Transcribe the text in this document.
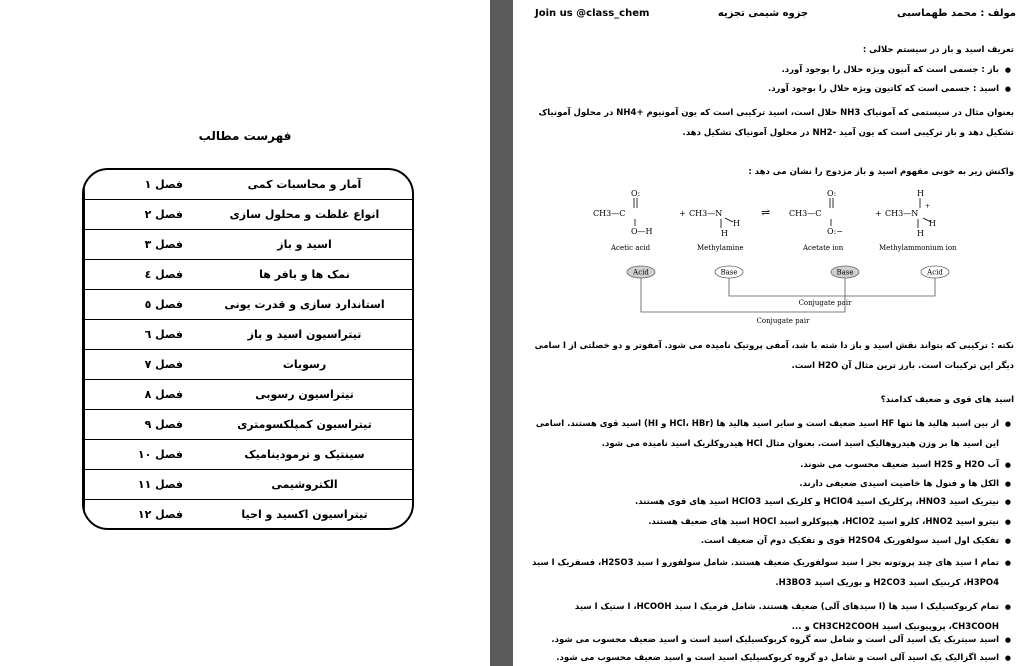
فهرست مطالب
فصل ۱	آمار و محاسبات کمی
فصل ۲	انواع غلظت و محلول سازی
فصل ۳	اسید و باز
فصل ٤	نمک ها و بافر ها
فصل ٥	استاندارد سازی و قدرت یونی
فصل ٦	تیتراسیون اسید و باز
فصل ۷	رسوبات
فصل ۸	تیتراسیون رسوبی
فصل ۹	تیتراسیون کمپلکسومتری
فصل ۱۰	سینتیک و ترمودینامیک
فصل ۱۱	الکتروشیمی
فصل ۱۲	تیتراسیون اکسید و احیا
Join us @class_chem	جزوه شیمی تجزیه	مولف : محمد طهماسبی
تعریف اسید و باز در سیستم حلالی :
● باز : جسمی است که آنیون ویژه حلال را بوجود آورد.
● اسید : جسمی است که کاتیون ویژه حلال را بوجود آورد.
بعنوان مثال در سیستمی که آمونیاک NH3 حلال است، اسید ترکیبی است که یون آمونیوم +NH4 در محلول آمونیاک تشکیل دهد و باز ترکیبی است که یون آمید -NH2 در محلول آمونیاک تشکیل دهد.
واکنش زیر به خوبی مفهوم اسید و باز مزدوج را نشان می دهد :
CH3—C
O:
O—H
Acetic acid
+ CH3—N
H
H
Methylamine
⇌ CH3—C
O:
O:−
Acetate ion
+ CH3—N
H
H
H
+
Methylammonium ion
Acid	Base	Base	Acid
Conjugate pair
Conjugate pair
نکته : ترکیبی که بتواند نقش اسید و باز دا شته با شد، آمفی پروتیک نامیده می شود. آمفوتر و دو خصلتی از ا سامی دیگر این ترکیبات است. بارز ترین مثال آن H2O است.
اسید های قوی و ضعیف کدامند؟
● از بین اسید هالید ها تنها HF اسید ضعیف است و سایر اسید هالید ها (HCl، HBr و HI) اسید قوی هستند. اسامی این اسید ها بر وزن هیدروهالیک اسید است. بعنوان مثال HCl هیدروکلریک اسید نامیده می شود.
● آب H2O و H2S اسید ضعیف محسوب می شوند.
● الکل ها و فنول ها خاصیت اسیدی ضعیفی دارند.
● نیتریک اسید HNO3، پرکلریک اسید HClO4 و کلریک اسید HClO3 اسید های قوی هستند.
● نیترو اسید HNO2، کلرو اسید HClO2، هیپوکلرو اسید HOCl اسید های ضعیف هستند.
● تفکیک اول اسید سولفوریک H2SO4 قوی و تفکیک دوم آن ضعیف است.
● تمام ا سید های چند پروتونه بجز ا سید سولفوریک ضعیف هستند. شامل سولفورو ا سید H2SO3، فسفریک ا سید H3PO4، کربنیک اسید H2CO3 و بوریک اسید H3BO3.
● تمام کربوکسیلیک ا سید ها (ا سیدهای آلی) ضعیف هستند. شامل فرمیک ا سید HCOOH، ا ستیک ا سید CH3COOH، پروپیونیک اسید CH3CH2COOH و ...
● اسید سیتریک یک اسید آلی است و شامل سه گروه کربوکسیلیک اسید است و اسید ضعیف محسوب می شود.
● اسید اگزالیک یک اسید آلی است و شامل دو گروه کربوکسیلیک اسید است و اسید ضعیف محسوب می شود.
